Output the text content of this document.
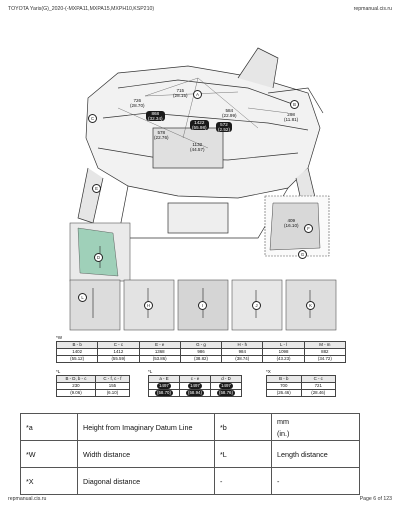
TOYOTA Yaris(G)_2020-(-MXPA11,MXPA15,MXPH10,KSP210)	repmanual.cis.ru
715
(28.15)
726
(28.70)
868
(32.34)
1422
(55.98)
578
(22.76)
1132
(44.57)
584
(22.99)
572
(2.52)
298
(11.81)
409
(16.10)
A
B
C
D
E
F
G
H	I	J	K
L
*W
B - b	C - c	E - e	G - g	H - h	L - l	M - m
1402	1412	1368	986	984	1098	882
(55.12)	(55.59)	(53.86)	(38.82)	(38.74)	(43.23)	(34.72)
*L
B - D, b - c	C - f, c - f
230	155
(9.06)	(6.10)
*L
a - E	c - e	d - D
1497	1497	1497
(58.70)	(58.94)	(58.76)
*X
B - b	C - c
700	721
(26.46)	(28.46)
*a	Height from Imaginary Datum Line	*b	mm
(in.)

*W	Width distance	*L	Length distance
*X	Diagonal distance	-	-
repmanual.cis.ru	Page 6 of 123
